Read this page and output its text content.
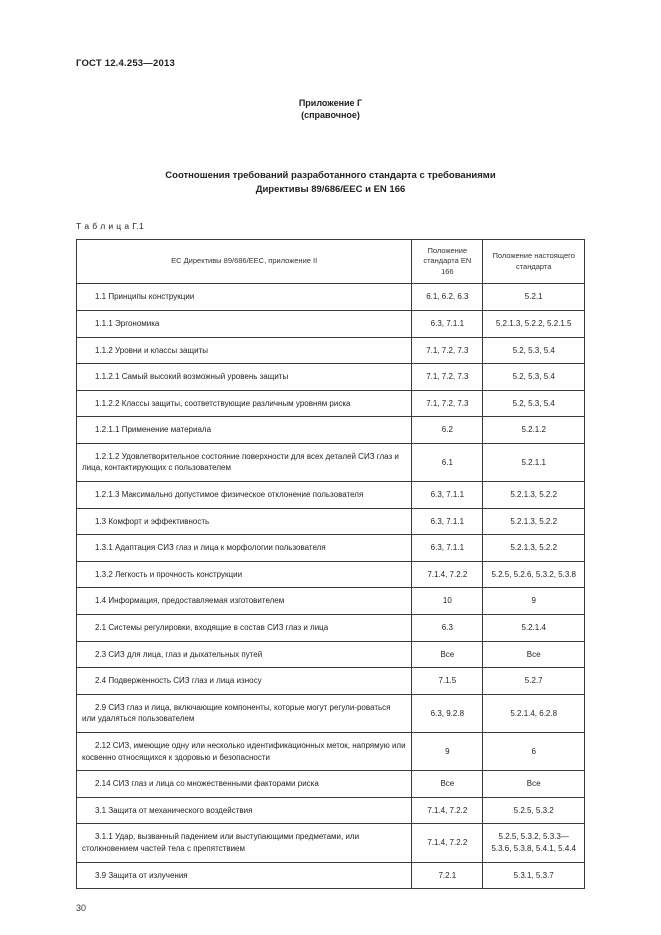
ГОСТ 12.4.253—2013
Приложение Г
(справочное)
Соотношения требований разработанного стандарта с требованиями
Директивы 89/686/ЕЕС и EN 166
Т а б л и ц а Г.1
ЕС Директивы 89/686/ЕЕС, приложение II	Положение стандарта EN 166	Положение настоящего стандарта
1.1 Принципы конструкции	6.1, 6.2, 6.3	5.2.1
1.1.1 Эргономика	6.3, 7.1.1	5.2.1.3, 5.2.2, 5.2.1.5
1.1.2 Уровни и классы защиты	7.1, 7.2, 7.3	5.2, 5.3, 5.4
1.1.2.1 Самый высокий возможный уровень защиты	7.1, 7.2, 7.3	5.2, 5.3, 5.4
1.1.2.2 Классы защиты, соответствующие различным уровням риска	7.1, 7.2, 7.3	5.2, 5.3, 5.4
1.2.1.1 Применение материала	6.2	5.2.1.2
1.2.1.2 Удовлетворительное состояние поверхности для всех деталей СИЗ глаз и лица, контактирующих с пользователем	6.1	5.2.1.1
1.2.1.3 Максимально допустимое физическое отклонение пользователя	6.3, 7.1.1	5.2.1.3, 5.2.2
1.3 Комфорт и эффективность	6.3, 7.1.1	5.2.1.3, 5.2.2
1.3.1 Адаптация СИЗ глаз и лица к морфологии пользователя	6.3, 7.1.1	5.2.1.3, 5.2.2
1.3.2 Легкость и прочность конструкции	7.1.4, 7.2.2	5.2.5, 5.2.6, 5.3.2, 5.3.8
1.4 Информация, предоставляемая изготовителем	10	9
2.1 Системы регулировки, входящие в состав СИЗ глаз и лица	6.3	5.2.1.4
2.3 СИЗ для лица, глаз и дыхательных путей	Все	Все
2.4 Подверженность СИЗ глаз и лица износу	7.1.5	5.2.7
2.9 СИЗ глаз и лица, включающие компоненты, которые могут регули-роваться или удаляться пользователем	6.3, 9.2.8	5.2.1.4, 6.2.8
2.12 СИЗ, имеющие одну или несколько идентификационных меток, напрямую или косвенно относящихся к здоровью и безопасности	9	6
2.14 СИЗ глаз и лица со множественными факторами риска	Все	Все
3.1 Защита от механического воздействия	7.1.4, 7.2.2	5.2.5, 5.3.2
3.1.1 Удар, вызванный падением или выступающими предметами, или столкновением частей тела с препятствием	7.1.4, 7.2.2	5.2.5, 5.3.2, 5.3.3— 5.3.6, 5.3.8, 5.4.1, 5.4.4
3.9 Защита от излучения	7.2.1	5.3.1, 5.3.7
30
